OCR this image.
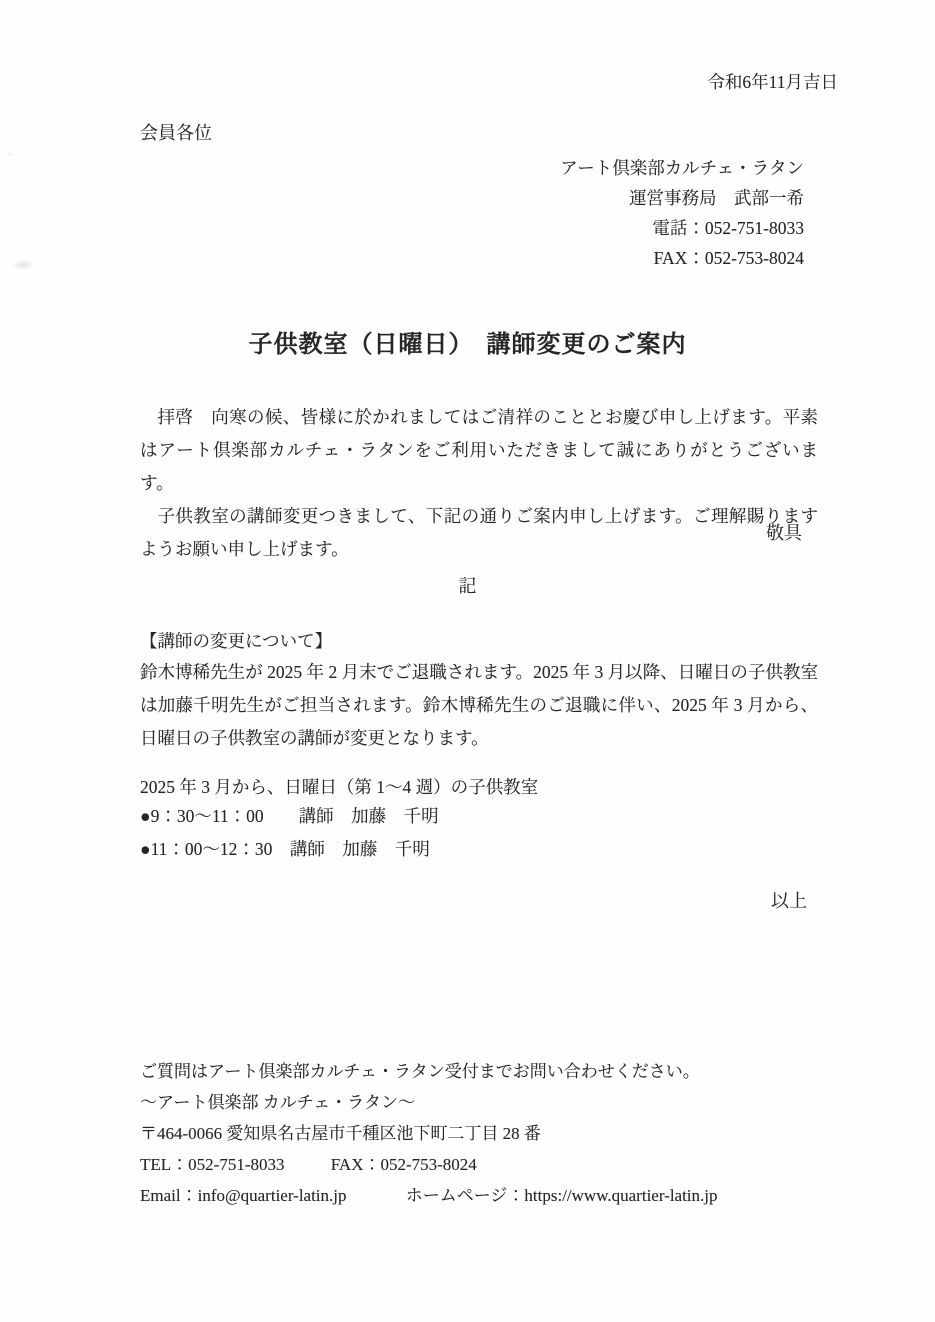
令和6年11月吉日
会員各位
アート倶楽部カルチェ・ラタン
運営事務局　武部一希
電話：052-751-8033
FAX：052-753-8024
子供教室（日曜日）　講師変更のご案内

拝啓　向寒の候、皆様に於かれましてはご清祥のこととお慶び申し上げます。平素はアート倶楽部カルチェ・ラタンをご利用いただきまして誠にありがとうございます。

子供教室の講師変更つきまして、下記の通りご案内申し上げます。ご理解賜りますようお願い申し上げます。

敬具
記
【講師の変更について】
鈴木博稀先生が 2025 年 2 月末でご退職されます。2025 年 3 月以降、日曜日の子供教室は加藤千明先生がご担当されます。鈴木博稀先生のご退職に伴い、2025 年 3 月から、日曜日の子供教室の講師が変更となります。
2025 年 3 月から、日曜日（第 1～4 週）の子供教室
●9：30～11：00　　講師　加藤　千明
●11：00～12：30　講師　加藤　千明
以上
ご質問はアート倶楽部カルチェ・ラタン受付までお問い合わせください。
〜アート倶楽部 カルチェ・ラタン〜
〒464-0066 愛知県名古屋市千種区池下町二丁目 28 番
TEL：052-751-8033	FAX：052-753-8024
Email：info@quartier-latin.jp	ホームページ：https://www.quartier-latin.jp
